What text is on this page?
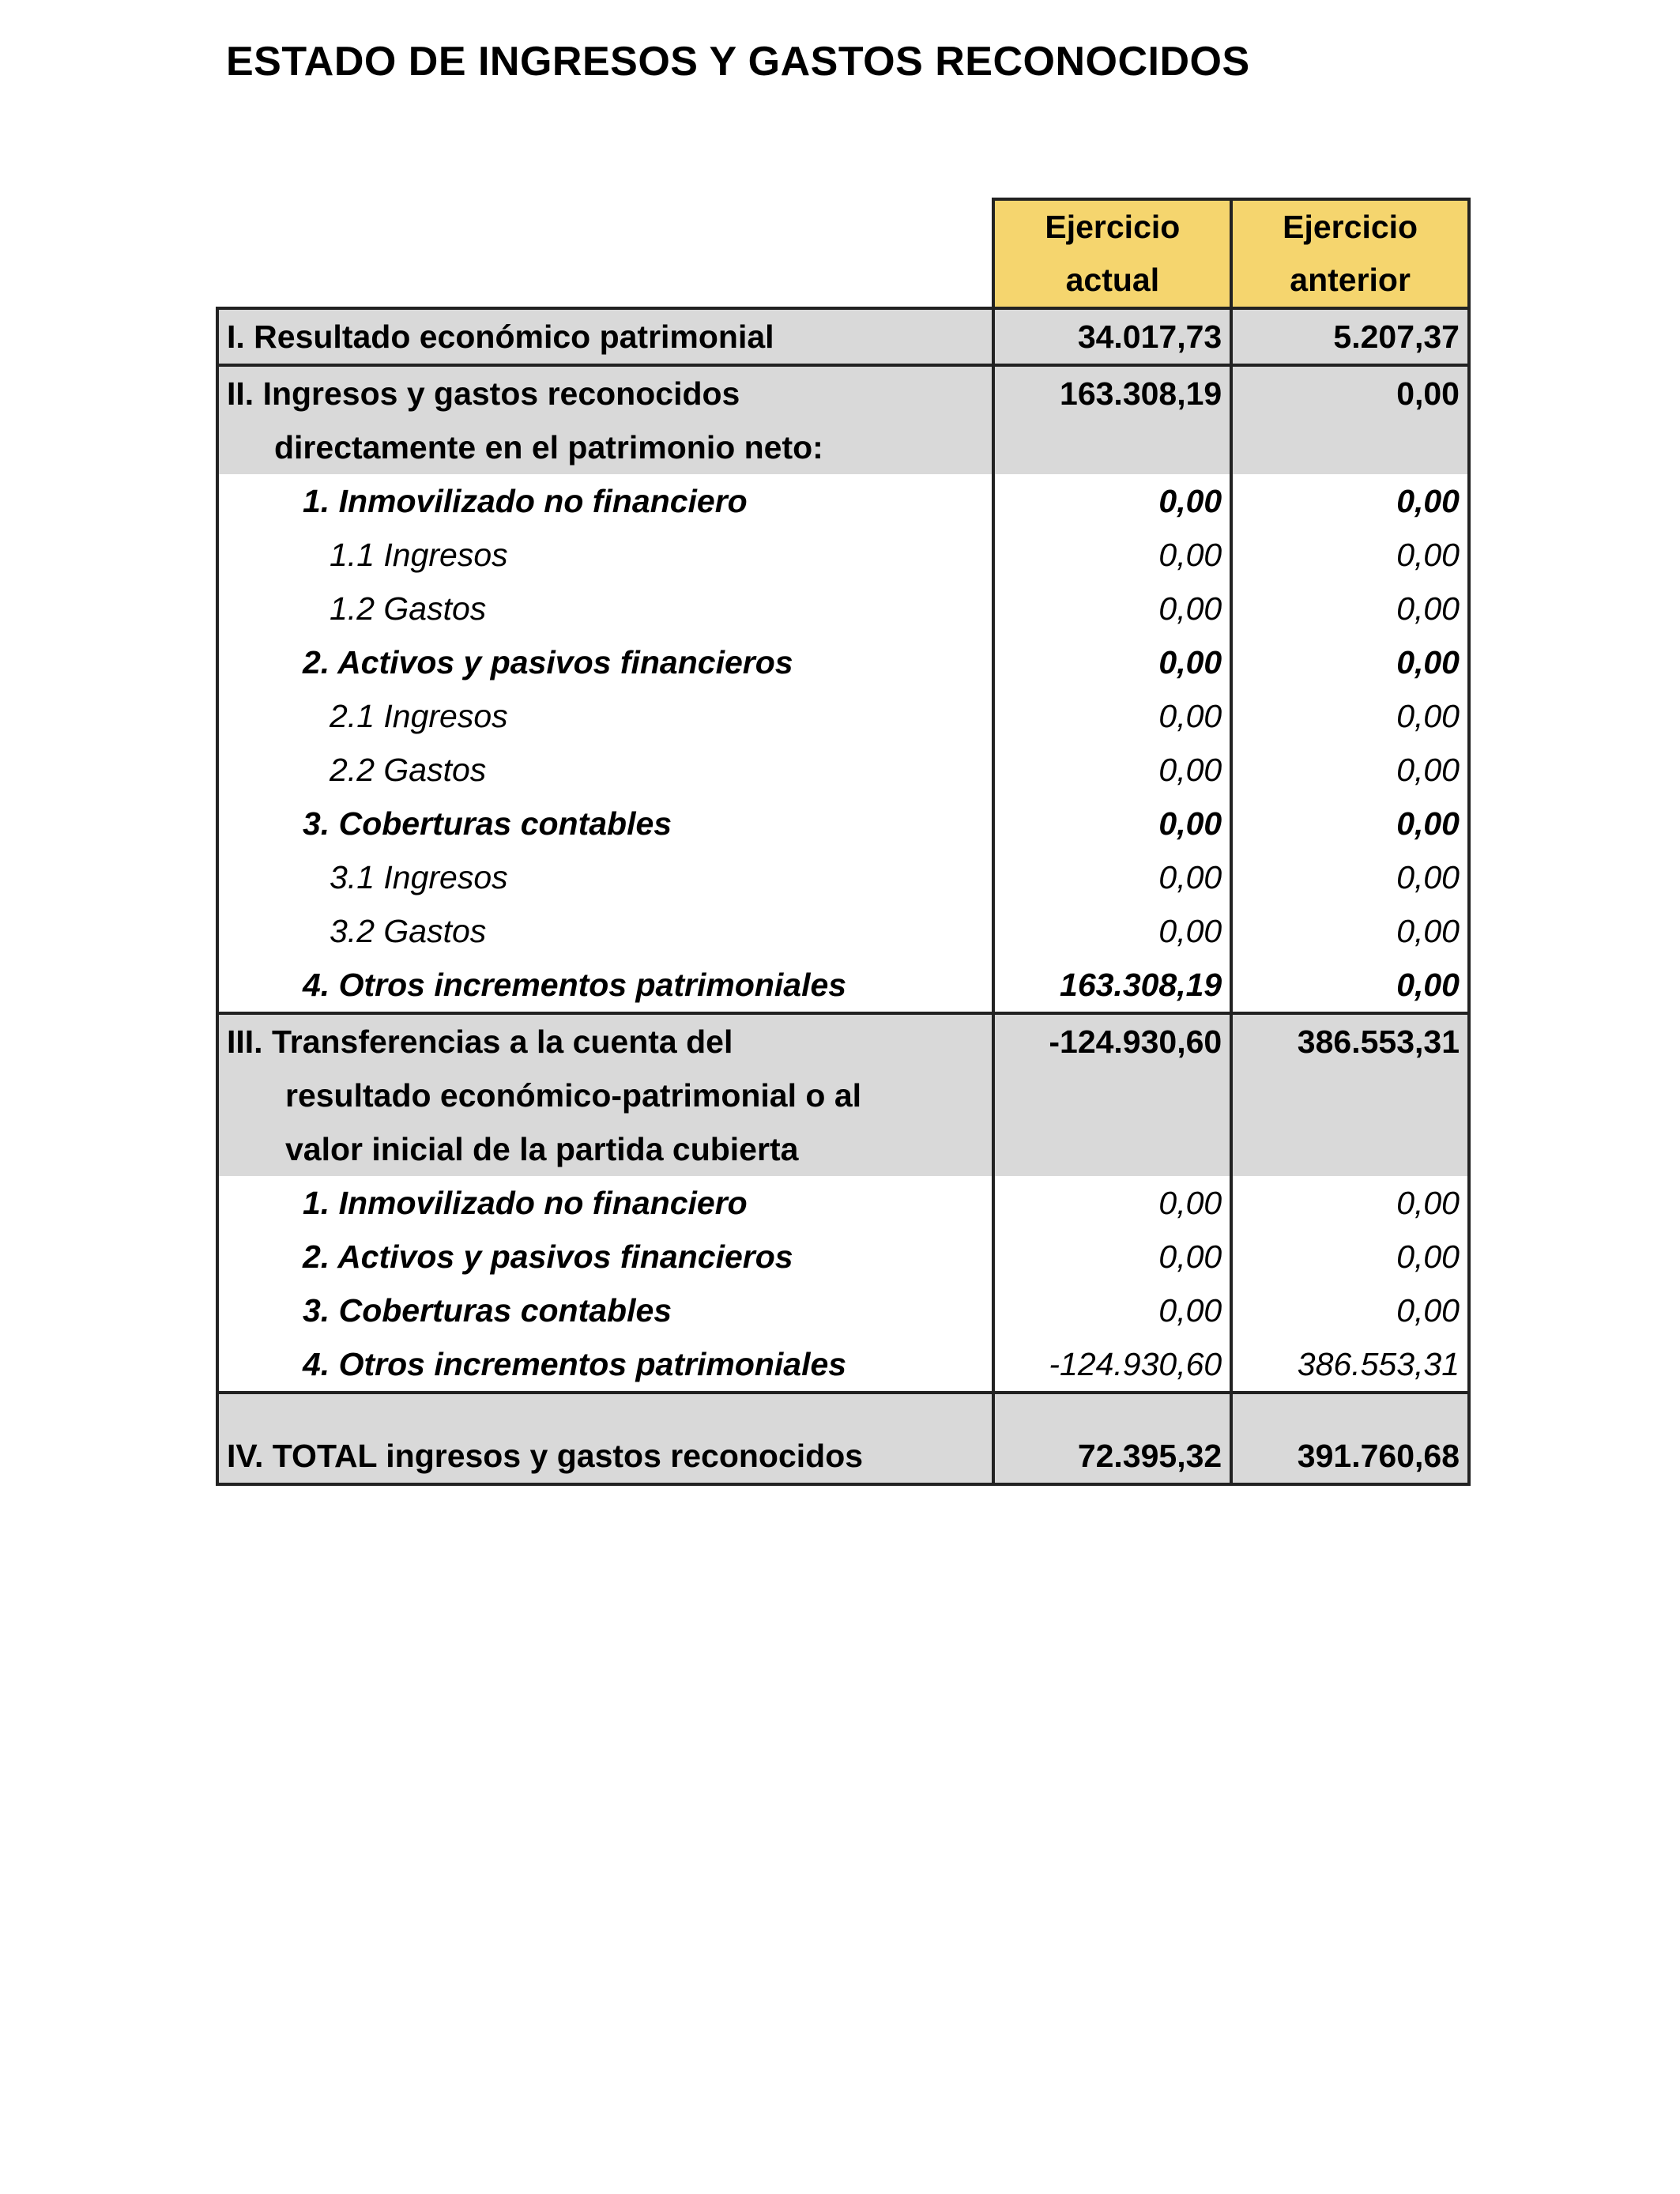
ESTADO DE INGRESOS Y GASTOS RECONOCIDOS
	Ejercicio actual	Ejercicio anterior
I. Resultado económico patrimonial	34.017,73	5.207,37

II. Ingresos y gastos reconocidos
directamente en el patrimonio neto:	163.308,19	0,00
1. Inmovilizado no financiero	0,00	0,00
1.1 Ingresos	0,00	0,00
1.2 Gastos	0,00	0,00
2. Activos y pasivos financieros	0,00	0,00
2.1 Ingresos	0,00	0,00
2.2 Gastos	0,00	0,00
3. Coberturas contables	0,00	0,00
3.1 Ingresos	0,00	0,00
3.2 Gastos	0,00	0,00
4. Otros incrementos patrimoniales	163.308,19	0,00

III. Transferencias a la cuenta del
resultado económico-patrimonial o al
valor inicial de la partida cubierta	-124.930,60	386.553,31
1. Inmovilizado no financiero	0,00	0,00
2. Activos y pasivos financieros	0,00	0,00
3. Coberturas contables	0,00	0,00
4. Otros incrementos patrimoniales	-124.930,60	386.553,31
IV. TOTAL ingresos y gastos reconocidos	72.395,32	391.760,68
